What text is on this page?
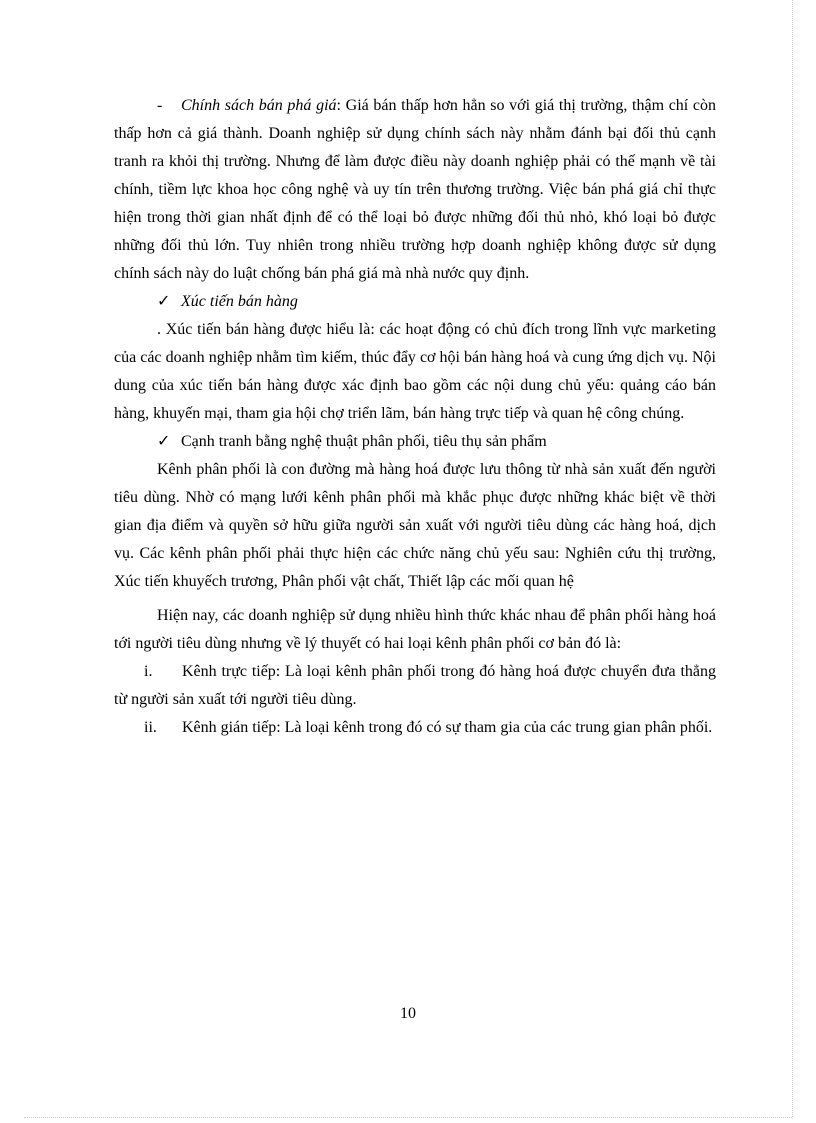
- Chính sách bán phá giá: Giá bán thấp hơn hẳn so với giá thị trường, thậm chí còn thấp hơn cả giá thành. Doanh nghiệp sử dụng chính sách này nhằm đánh bại đối thủ cạnh tranh ra khỏi thị trường. Nhưng để làm được điều này doanh nghiệp phải có thế mạnh về tài chính, tiềm lực khoa học công nghệ và uy tín trên thương trường. Việc bán phá giá chỉ thực hiện trong thời gian nhất định để có thể loại bỏ được những đối thủ nhỏ, khó loại bỏ được những đối thủ lớn. Tuy nhiên trong nhiều trường hợp doanh nghiệp không được sử dụng chính sách này do luật chống bán phá giá mà nhà nước quy định.

✓ Xúc tiến bán hàng

. Xúc tiến bán hàng được hiểu là: các hoạt động có chủ đích trong lĩnh vực marketing của các doanh nghiệp nhằm tìm kiếm, thúc đẩy cơ hội bán hàng hoá và cung ứng dịch vụ. Nội dung của xúc tiến bán hàng được xác định bao gồm các nội dung chủ yếu: quảng cáo bán hàng, khuyến mại, tham gia hội chợ triển lãm, bán hàng trực tiếp và quan hệ công chúng.

✓ Cạnh tranh bằng nghệ thuật phân phối, tiêu thụ sản phẩm

Kênh phân phối là con đường mà hàng hoá được lưu thông từ nhà sản xuất đến người tiêu dùng. Nhờ có mạng lưới kênh phân phối mà khắc phục được những khác biệt về thời gian địa điểm và quyền sở hữu giữa người sản xuất với người tiêu dùng các hàng hoá, dịch vụ. Các kênh phân phối phải thực hiện các chức năng chủ yếu sau: Nghiên cứu thị trường, Xúc tiến khuyếch trương, Phân phối vật chất, Thiết lập các mối quan hệ

Hiện nay, các doanh nghiệp sử dụng nhiều hình thức khác nhau để phân phối hàng hoá tới người tiêu dùng nhưng về lý thuyết có hai loại kênh phân phối cơ bản đó là:

i. Kênh trực tiếp: Là loại kênh phân phối trong đó hàng hoá được chuyển đưa thẳng từ người sản xuất tới người tiêu dùng.

ii. Kênh gián tiếp: Là loại kênh trong đó có sự tham gia của các trung gian phân phối.

10
